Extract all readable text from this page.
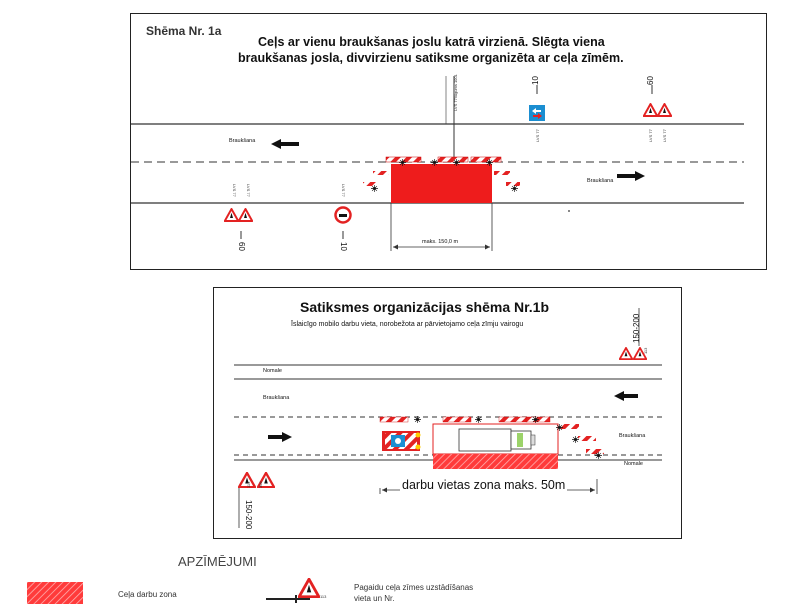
Shēma Nr. 1a
Ceļs ar vienu braukšanas joslu katrā virzienā. Slēgta viena
braukšanas josla, divvirzienu satiksme organizēta ar ceļa zīmēm.
LVS 77/lūgums 1001
LVS 77	LVS 77 LVS 77
LVS 77 LVS 77	LVS 77
Braukšana
Braukšana
60
10
60	10
maks. 150,0 m
Satiksmes organizācijas shēma Nr.1b
Īslaicīgo mobilo darbu vieta, norobežota ar pārvietojamo ceļa zīmju vairogu
113 306
113
150-200
150-200
Nomale
Braukšana
Braukšana
Nomale
darbu vietas zona maks. 50m
APZĪMĒJUMI
Ceļa darbu zona	113
Pagaidu ceļa zīmes uzstādīšanas
vieta un Nr.
